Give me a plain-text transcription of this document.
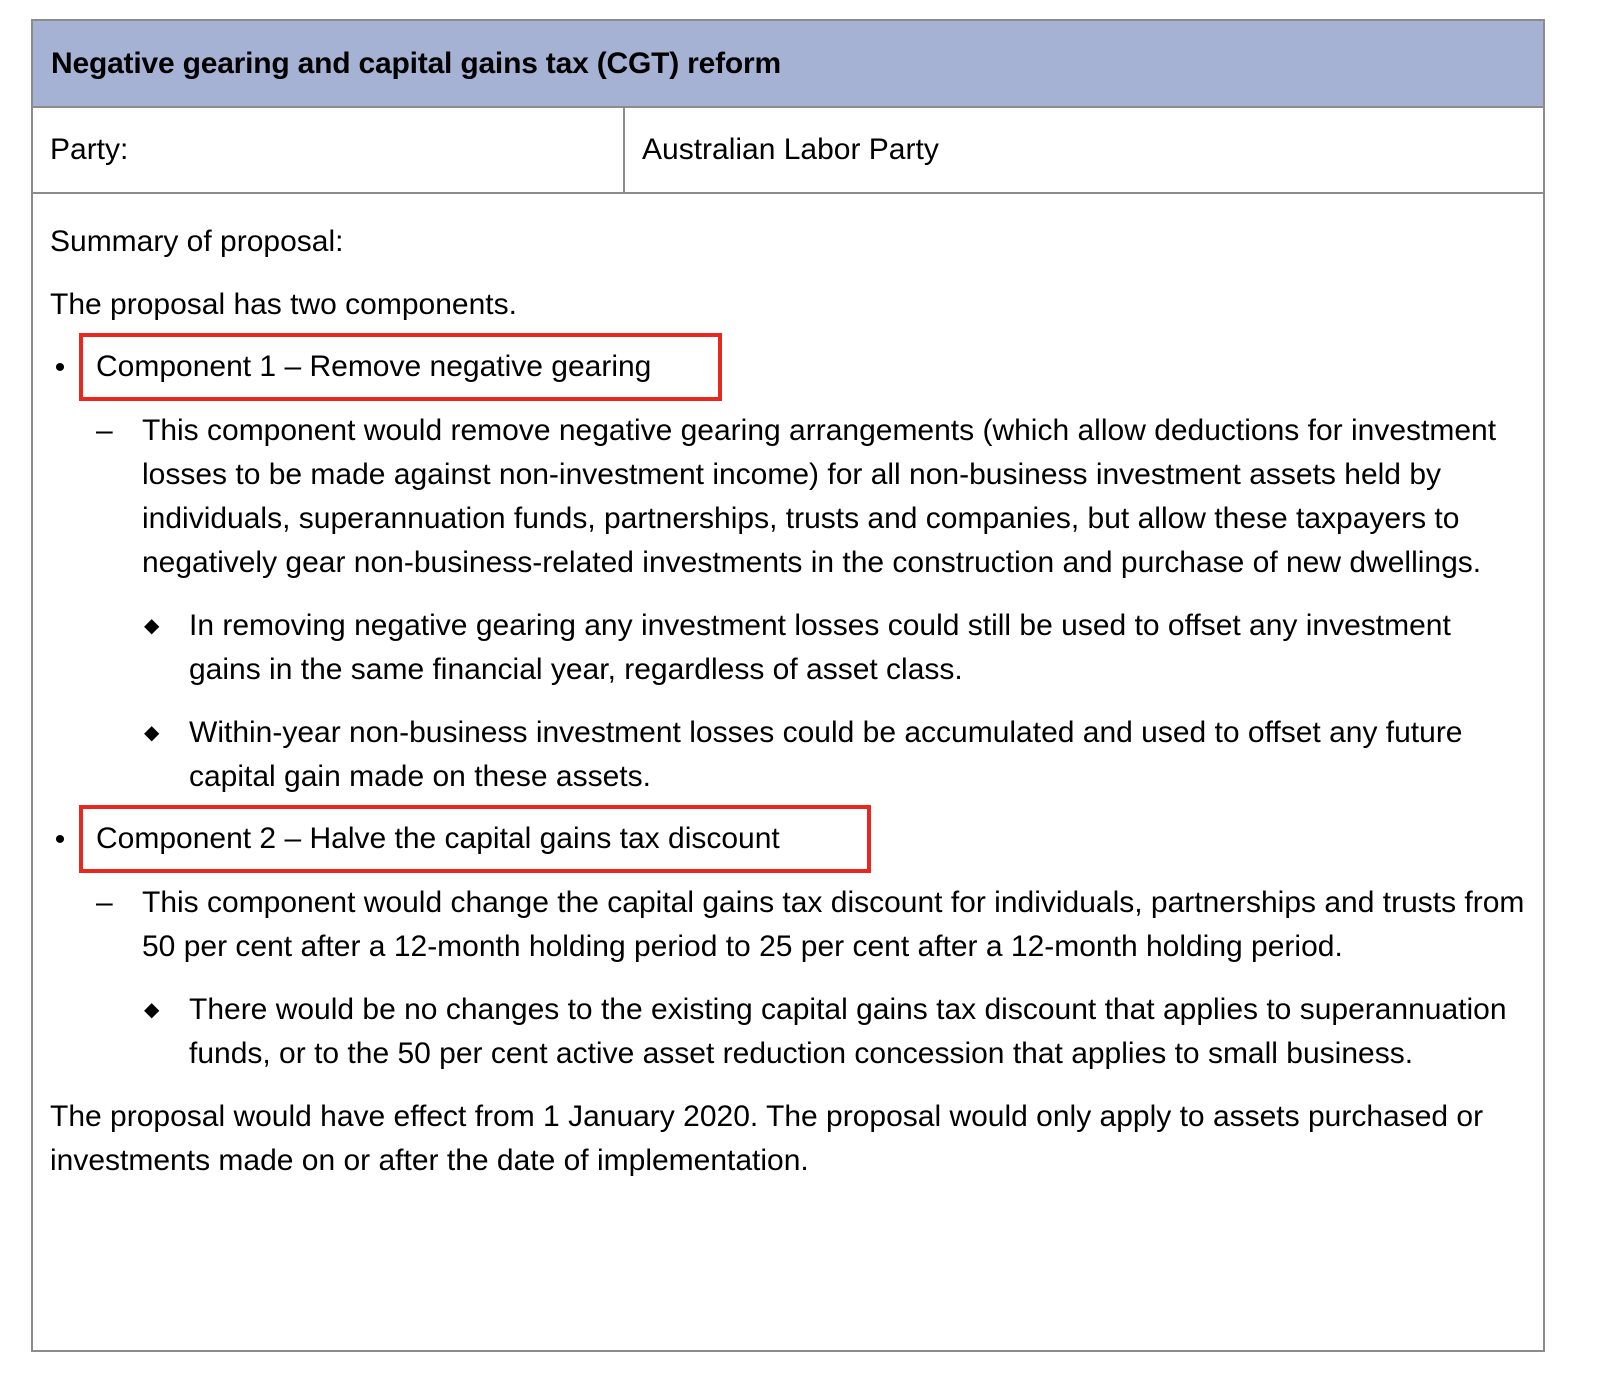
Negative gearing and capital gains tax (CGT) reform
Party:	Australian Labor Party

Summary of proposal:

The proposal has two components.

• Component 1 – Remove negative gearing
– This component would remove negative gearing arrangements (which allow deductions for investment losses to be made against non-investment income) for all non-business investment assets held by individuals, superannuation funds, partnerships, trusts and companies, but allow these taxpayers to negatively gear non-business-related investments in the construction and purchase of new dwellings.

◆ In removing negative gearing any investment losses could still be used to offset any investment gains in the same financial year, regardless of asset class.

◆ Within-year non-business investment losses could be accumulated and used to offset any future capital gain made on these assets.

• Component 2 – Halve the capital gains tax discount
– This component would change the capital gains tax discount for individuals, partnerships and trusts from 50 per cent after a 12-month holding period to 25 per cent after a 12-month holding period.

◆ There would be no changes to the existing capital gains tax discount that applies to superannuation funds, or to the 50 per cent active asset reduction concession that applies to small business.

The proposal would have effect from 1 January 2020. The proposal would only apply to assets purchased or investments made on or after the date of implementation.
